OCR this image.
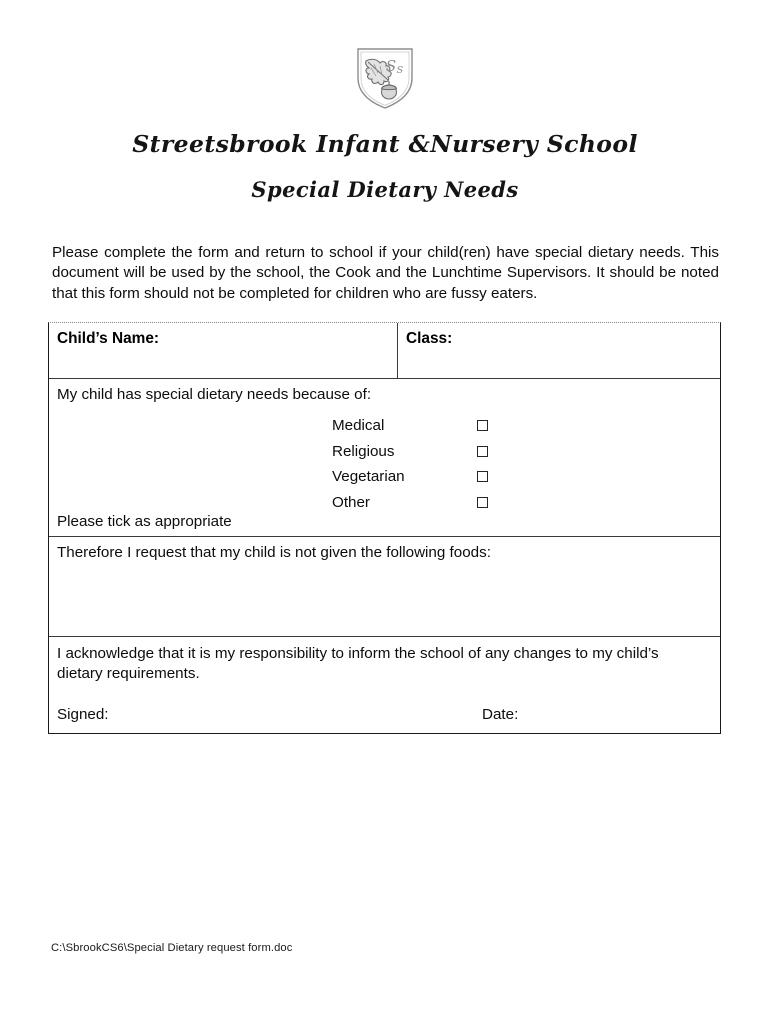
S s
Streetsbrook Infant &Nursery School
Special Dietary Needs
Please complete the form and return to school if your child(ren) have special dietary needs. This document will be used by the school, the Cook and the Lunchtime Supervisors. It should be noted that this form should not be completed for children who are fussy eaters.
Child’s Name:	Class:
My child has special dietary needs because of:
Medical
Religious
Vegetarian
Other
Please tick as appropriate
Therefore I request that my child is not given the following foods:
I acknowledge that it is my responsibility to inform the school of any changes to my child’s dietary requirements.
Signed:	Date:
C:\SbrookCS6\Special Dietary request form.doc
